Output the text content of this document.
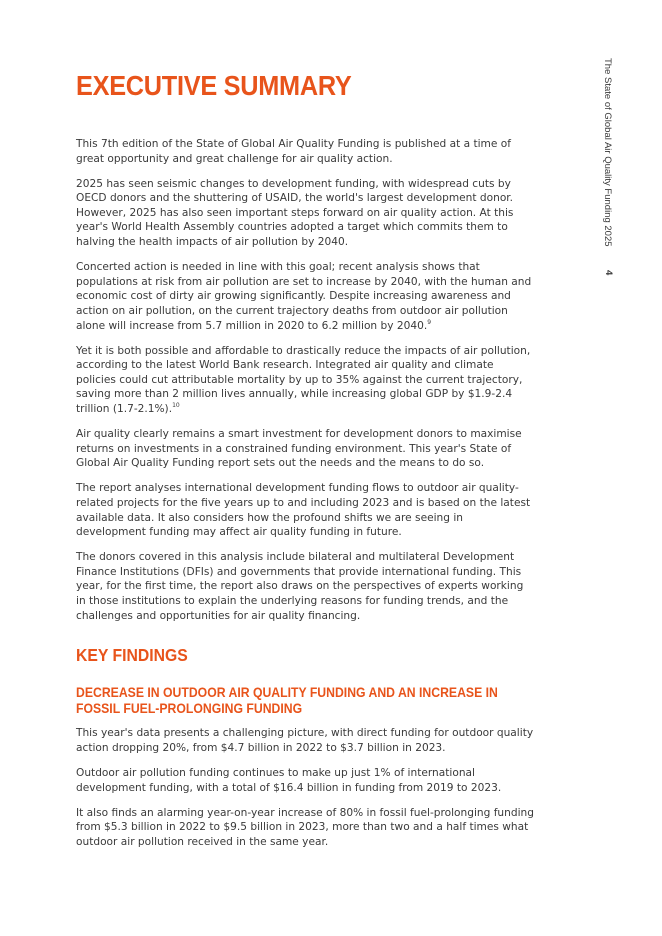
The State of Global Air Quality Funding 2025
4
EXECUTIVE SUMMARY

This 7th edition of the State of Global Air Quality Funding is published at a time of great opportunity and great challenge for air quality action.

2025 has seen seismic changes to development funding, with widespread cuts by OECD donors and the shuttering of USAID, the world's largest development donor. However, 2025 has also seen important steps forward on air quality action. At this year's World Health Assembly countries adopted a target which commits them to halving the health impacts of air pollution by 2040.

Concerted action is needed in line with this goal; recent analysis shows that populations at risk from air pollution are set to increase by 2040, with the human and economic cost of dirty air growing significantly. Despite increasing awareness and action on air pollution, on the current trajectory deaths from outdoor air pollution alone will increase from 5.7 million in 2020 to 6.2 million by 2040.$^9$

Yet it is both possible and affordable to drastically reduce the impacts of air pollution, according to the latest World Bank research. Integrated air quality and climate policies could cut attributable mortality by up to 35% against the current trajectory, saving more than 2 million lives annually, while increasing global GDP by $1.9-2.4 trillion (1.7-2.1%).$^{10}$

Air quality clearly remains a smart investment for development donors to maximise returns on investments in a constrained funding environment. This year's State of Global Air Quality Funding report sets out the needs and the means to do so.

The report analyses international development funding flows to outdoor air quality-related projects for the five years up to and including 2023 and is based on the latest available data. It also considers how the profound shifts we are seeing in development funding may affect air quality funding in future.

The donors covered in this analysis include bilateral and multilateral Development Finance Institutions (DFIs) and governments that provide international funding. This year, for the first time, the report also draws on the perspectives of experts working in those institutions to explain the underlying reasons for funding trends, and the challenges and opportunities for air quality financing.

KEY FINDINGS
DECREASE IN OUTDOOR AIR QUALITY FUNDING AND AN INCREASE IN FOSSIL FUEL-PROLONGING FUNDING

This year's data presents a challenging picture, with direct funding for outdoor quality action dropping 20%, from $4.7 billion in 2022 to $3.7 billion in 2023.

Outdoor air pollution funding continues to make up just 1% of international development funding, with a total of $16.4 billion in funding from 2019 to 2023.

It also finds an alarming year-on-year increase of 80% in fossil fuel-prolonging funding from $5.3 billion in 2022 to $9.5 billion in 2023, more than two and a half times what outdoor air pollution received in the same year.
